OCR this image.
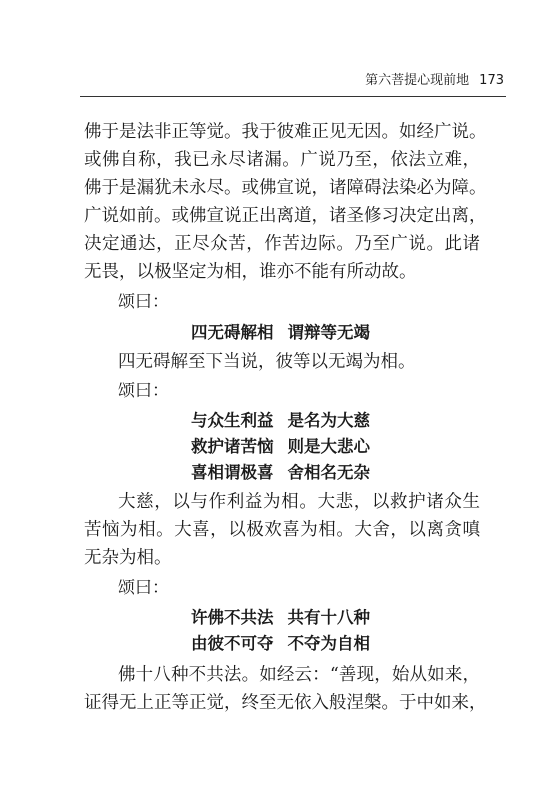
第六菩提心现前地 173
佛于是法非正等觉。我于彼难正见无因。如经广说。
或佛自称，我已永尽诸漏。广说乃至，依法立难，
佛于是漏犹未永尽。或佛宣说，诸障碍法染必为障。
广说如前。或佛宣说正出离道，诸圣修习决定出离，
决定通达，正尽众苦，作苦边际。乃至广说。此诸
无畏，以极坚定为相，谁亦不能有所动故。
颂曰：
四无碍解相 谓辩等无竭
四无碍解至下当说，彼等以无竭为相。
颂曰：
与众生利益 是名为大慈
救护诸苦恼 则是大悲心
喜相谓极喜 舍相名无杂
大慈，以与作利益为相。大悲，以救护诸众生
苦恼为相。大喜，以极欢喜为相。大舍，以离贪嗔
无杂为相。
颂曰：
许佛不共法 共有十八种
由彼不可夺 不夺为自相
佛十八种不共法。如经云：“善现，始从如来，
证得无上正等正觉，终至无依入般涅槃。于中如来，
